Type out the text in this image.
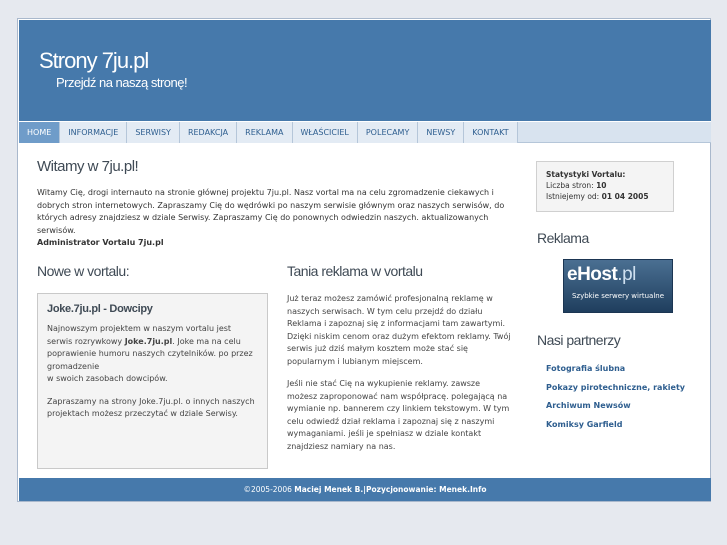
Strony 7ju.pl
Przejdź na naszą stronę!
HOME	INFORMACJE	SERWISY	REDAKCJA	REKLAMA	WŁAŚCICIEL	POLECAMY	NEWSY	KONTAKT
Witamy w 7ju.pl!
Witamy Cię, drogi internauto na stronie głównej projektu 7ju.pl. Nasz vortal ma na celu zgromadzenie ciekawych i dobrych stron internetowych. Zapraszamy Cię do wędrówki po naszym serwisie głównym oraz naszych serwisów, do których adresy znajdziesz w dziale Serwisy. Zapraszamy Cię do ponownych odwiedzin naszych. aktualizowanych serwisów.
Administrator Vortalu 7ju.pl
Nowe w vortalu:
Joke.7ju.pl - Dowcipy

Najnowszym projektem w naszym vortalu jest serwis rozrywkowy Joke.7ju.pl. Joke ma na celu poprawienie humoru naszych czytelników. po przez gromadzenie
w swoich zasobach dowcipów.

Zapraszamy na strony Joke.7ju.pl. o innych naszych projektach możesz przeczytać w dziale Serwisy.

Tania reklama w vortalu

Już teraz możesz zamówić profesjonalną reklamę w naszych serwisach. W tym celu przejdź do działu Reklama i zapoznaj się z informacjami tam zawartymi. Dzięki niskim cenom oraz dużym efektom reklamy. Twój serwis już dziś małym kosztem może stać się popularnym i lubianym miejscem.

Jeśli nie stać Cię na wykupienie reklamy. zawsze możesz zaproponować nam współpracę. polegającą na wymianie np. bannerem czy linkiem tekstowym. W tym celu odwiedź dział reklama i zapoznaj się z naszymi wymaganiami. jeśli je spełniasz w dziale kontakt znajdziesz namiary na nas.

Statystyki Vortalu:
Liczba stron: 10
Istniejemy od: 01 04 2005
Reklama
eHost.pl
Szybkie serwery wirtualne
Nasi partnerzy
Fotografia ślubna
Pokazy pirotechniczne, rakiety
Archiwum Newsów
Komiksy Garfield
©2005-2006
Maciej Menek B. | Pozycjonowanie: Menek.Info
